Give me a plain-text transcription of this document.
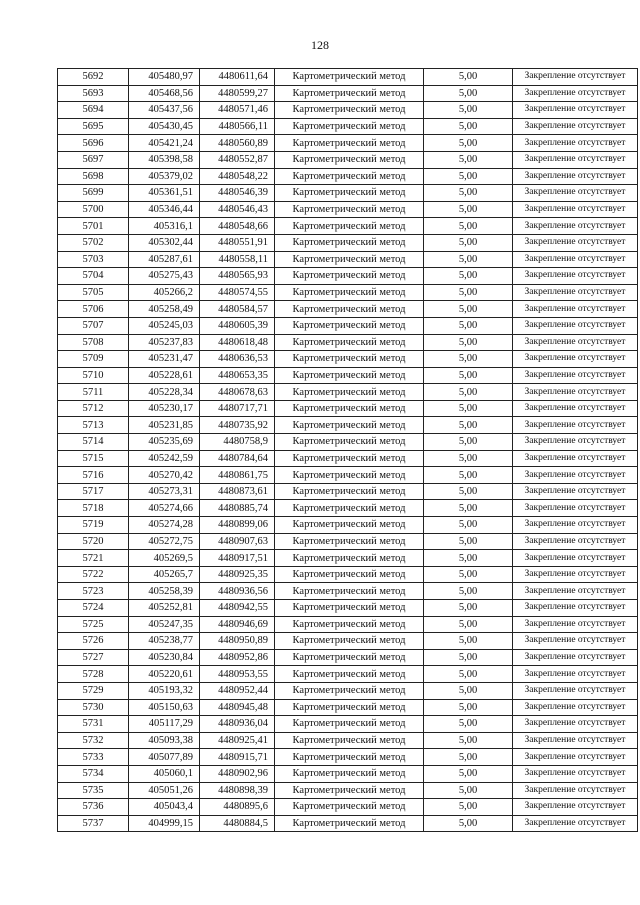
128
5692	405480,97	4480611,64	Картометрический метод	5,00	Закрепление отсутствует
5693	405468,56	4480599,27	Картометрический метод	5,00	Закрепление отсутствует
5694	405437,56	4480571,46	Картометрический метод	5,00	Закрепление отсутствует
5695	405430,45	4480566,11	Картометрический метод	5,00	Закрепление отсутствует
5696	405421,24	4480560,89	Картометрический метод	5,00	Закрепление отсутствует
5697	405398,58	4480552,87	Картометрический метод	5,00	Закрепление отсутствует
5698	405379,02	4480548,22	Картометрический метод	5,00	Закрепление отсутствует
5699	405361,51	4480546,39	Картометрический метод	5,00	Закрепление отсутствует
5700	405346,44	4480546,43	Картометрический метод	5,00	Закрепление отсутствует
5701	405316,1	4480548,66	Картометрический метод	5,00	Закрепление отсутствует
5702	405302,44	4480551,91	Картометрический метод	5,00	Закрепление отсутствует
5703	405287,61	4480558,11	Картометрический метод	5,00	Закрепление отсутствует
5704	405275,43	4480565,93	Картометрический метод	5,00	Закрепление отсутствует
5705	405266,2	4480574,55	Картометрический метод	5,00	Закрепление отсутствует
5706	405258,49	4480584,57	Картометрический метод	5,00	Закрепление отсутствует
5707	405245,03	4480605,39	Картометрический метод	5,00	Закрепление отсутствует
5708	405237,83	4480618,48	Картометрический метод	5,00	Закрепление отсутствует
5709	405231,47	4480636,53	Картометрический метод	5,00	Закрепление отсутствует
5710	405228,61	4480653,35	Картометрический метод	5,00	Закрепление отсутствует
5711	405228,34	4480678,63	Картометрический метод	5,00	Закрепление отсутствует
5712	405230,17	4480717,71	Картометрический метод	5,00	Закрепление отсутствует
5713	405231,85	4480735,92	Картометрический метод	5,00	Закрепление отсутствует
5714	405235,69	4480758,9	Картометрический метод	5,00	Закрепление отсутствует
5715	405242,59	4480784,64	Картометрический метод	5,00	Закрепление отсутствует
5716	405270,42	4480861,75	Картометрический метод	5,00	Закрепление отсутствует
5717	405273,31	4480873,61	Картометрический метод	5,00	Закрепление отсутствует
5718	405274,66	4480885,74	Картометрический метод	5,00	Закрепление отсутствует
5719	405274,28	4480899,06	Картометрический метод	5,00	Закрепление отсутствует
5720	405272,75	4480907,63	Картометрический метод	5,00	Закрепление отсутствует
5721	405269,5	4480917,51	Картометрический метод	5,00	Закрепление отсутствует
5722	405265,7	4480925,35	Картометрический метод	5,00	Закрепление отсутствует
5723	405258,39	4480936,56	Картометрический метод	5,00	Закрепление отсутствует
5724	405252,81	4480942,55	Картометрический метод	5,00	Закрепление отсутствует
5725	405247,35	4480946,69	Картометрический метод	5,00	Закрепление отсутствует
5726	405238,77	4480950,89	Картометрический метод	5,00	Закрепление отсутствует
5727	405230,84	4480952,86	Картометрический метод	5,00	Закрепление отсутствует
5728	405220,61	4480953,55	Картометрический метод	5,00	Закрепление отсутствует
5729	405193,32	4480952,44	Картометрический метод	5,00	Закрепление отсутствует
5730	405150,63	4480945,48	Картометрический метод	5,00	Закрепление отсутствует
5731	405117,29	4480936,04	Картометрический метод	5,00	Закрепление отсутствует
5732	405093,38	4480925,41	Картометрический метод	5,00	Закрепление отсутствует
5733	405077,89	4480915,71	Картометрический метод	5,00	Закрепление отсутствует
5734	405060,1	4480902,96	Картометрический метод	5,00	Закрепление отсутствует
5735	405051,26	4480898,39	Картометрический метод	5,00	Закрепление отсутствует
5736	405043,4	4480895,6	Картометрический метод	5,00	Закрепление отсутствует
5737	404999,15	4480884,5	Картометрический метод	5,00	Закрепление отсутствует
